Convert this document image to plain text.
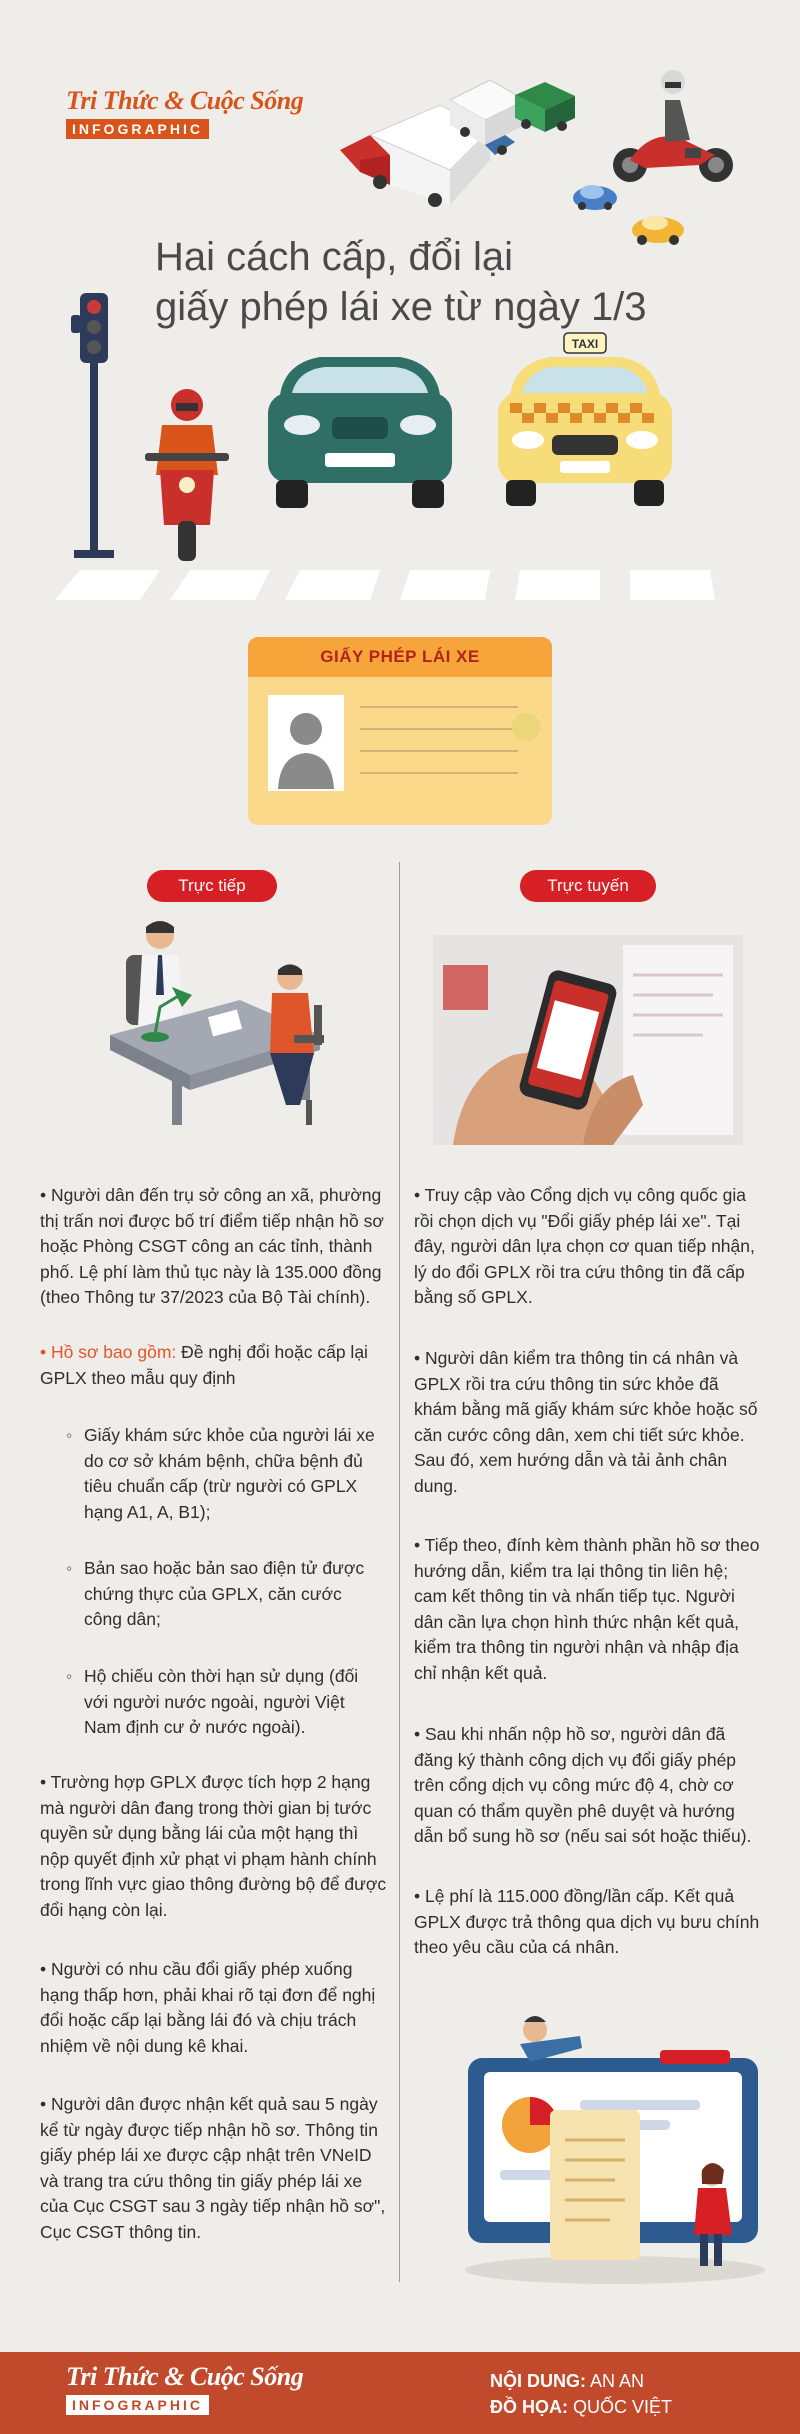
Tri Thức & Cuộc Sống
INFOGRAPHIC
Hai cách cấp, đổi lại
giấy phép lái xe từ ngày 1/3
TAXI
GIẤY PHÉP LÁI XE
Trực tiếp	Trực tuyến

• Người dân đến trụ sở công an xã, phường thị trấn nơi được bố trí điểm tiếp nhận hồ sơ hoặc Phòng CSGT công an các tỉnh, thành phố. Lệ phí làm thủ tục này là 135.000 đồng (theo Thông tư 37/2023 của Bộ Tài chính).

• Hồ sơ bao gồm: Đề nghị đổi hoặc cấp lại GPLX theo mẫu quy định

◦ Giấy khám sức khỏe của người lái xe do cơ sở khám bệnh, chữa bệnh đủ tiêu chuẩn cấp (trừ người có GPLX hạng A1, A, B1);

◦ Bản sao hoặc bản sao điện tử được chứng thực của GPLX, căn cước công dân;

◦ Hộ chiếu còn thời hạn sử dụng (đối với người nước ngoài, người Việt Nam định cư ở nước ngoài).

• Trường hợp GPLX được tích hợp 2 hạng mà người dân đang trong thời gian bị tước quyền sử dụng bằng lái của một hạng thì nộp quyết định xử phạt vi phạm hành chính trong lĩnh vực giao thông đường bộ để được đổi hạng còn lại.

• Người có nhu cầu đổi giấy phép xuống hạng thấp hơn, phải khai rõ tại đơn để nghị đổi hoặc cấp lại bằng lái đó và chịu trách nhiệm về nội dung kê khai.

• Người dân được nhận kết quả sau 5 ngày kể từ ngày được tiếp nhận hồ sơ. Thông tin giấy phép lái xe được cập nhật trên VNeID và trang tra cứu thông tin giấy phép lái xe của Cục CSGT sau 3 ngày tiếp nhận hồ sơ", Cục CSGT thông tin.

• Truy cập vào Cổng dịch vụ công quốc gia rồi chọn dịch vụ "Đổi giấy phép lái xe". Tại đây, người dân lựa chọn cơ quan tiếp nhận, lý do đổi GPLX rồi tra cứu thông tin đã cấp bằng số GPLX.

• Người dân kiểm tra thông tin cá nhân và GPLX rồi tra cứu thông tin sức khỏe đã khám bằng mã giấy khám sức khỏe hoặc số căn cước công dân, xem chi tiết sức khỏe. Sau đó, xem hướng dẫn và tải ảnh chân dung.

• Tiếp theo, đính kèm thành phần hồ sơ theo hướng dẫn, kiểm tra lại thông tin liên hệ; cam kết thông tin và nhấn tiếp tục. Người dân cần lựa chọn hình thức nhận kết quả, kiểm tra thông tin người nhận và nhập địa chỉ nhận kết quả.

• Sau khi nhấn nộp hồ sơ, người dân đã đăng ký thành công dịch vụ đổi giấy phép trên cổng dịch vụ công mức độ 4, chờ cơ quan có thẩm quyền phê duyệt và hướng dẫn bổ sung hồ sơ (nếu sai sót hoặc thiếu).

• Lệ phí là 115.000 đồng/lần cấp. Kết quả GPLX được trả thông qua dịch vụ bưu chính theo yêu cầu của cá nhân.

Tri Thức & Cuộc Sống
INFOGRAPHIC
NỘI DUNG: AN AN
ĐỒ HỌA: QUỐC VIỆT
